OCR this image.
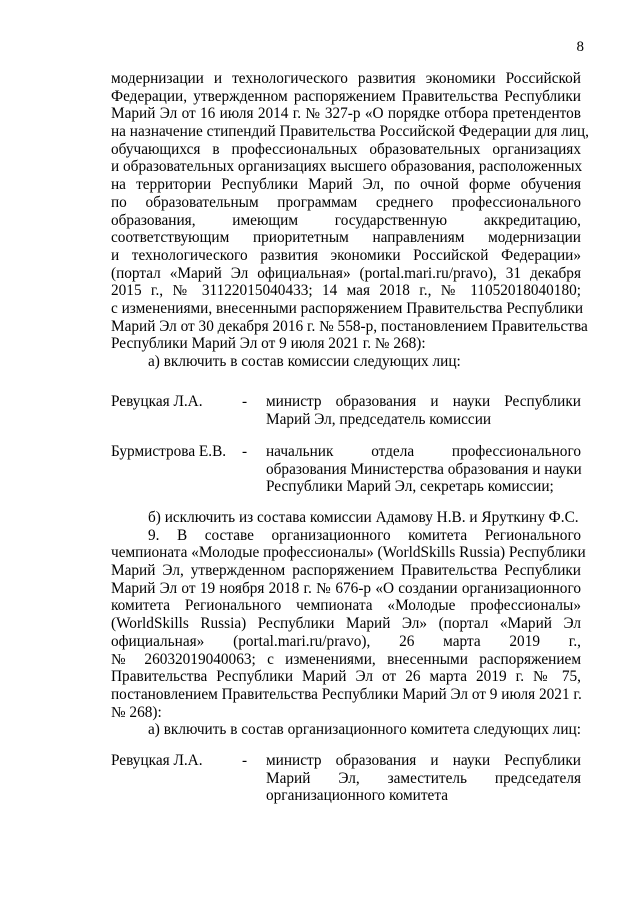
8
модернизации и технологического развития экономики Российской
Федерации, утвержденном распоряжением Правительства Республики
Марий Эл от 16 июля 2014 г. № 327-р «О порядке отбора претендентов
на назначение стипендий Правительства Российской Федерации для лиц,
обучающихся в профессиональных образовательных организациях
и образовательных организациях высшего образования, расположенных
на территории Республики Марий Эл, по очной форме обучения
по образовательным программам среднего профессионального
образования, имеющим государственную аккредитацию,
соответствующим приоритетным направлениям модернизации
и технологического развития экономики Российской Федерации»
(портал «Марий Эл официальная» (portal.mari.ru/pravo), 31 декабря
2015 г., № 31122015040433; 14 мая 2018 г., № 11052018040180;
с изменениями, внесенными распоряжением Правительства Республики
Марий Эл от 30 декабря 2016 г. № 558-р, постановлением Правительства
Республики Марий Эл от 9 июля 2021 г. № 268):
а) включить в состав комиссии следующих лиц:
Ревуцкая Л.А.	- министр образования и науки Республики
Марий Эл, председатель комиссии
Бурмистрова Е.В. - начальник отдела профессионального
образования Министерства образования и науки
Республики Марий Эл, секретарь комиссии;
б) исключить из состава комиссии Адамову Н.В. и Яруткину Ф.С.
9. В составе организационного комитета Регионального
чемпионата «Молодые профессионалы» (WorldSkills Russia) Республики
Марий Эл, утвержденном распоряжением Правительства Республики
Марий Эл от 19 ноября 2018 г. № 676-р «О создании организационного
комитета Регионального чемпионата «Молодые профессионалы»
(WorldSkills Russia) Республики Марий Эл» (портал «Марий Эл
официальная» (portal.mari.ru/pravo), 26 марта 2019 г.,
№ 26032019040063; с изменениями, внесенными распоряжением
Правительства Республики Марий Эл от 26 марта 2019 г. № 75,
постановлением Правительства Республики Марий Эл от 9 июля 2021 г.
№ 268):
а) включить в состав организационного комитета следующих лиц:
Ревуцкая Л.А.	- министр образования и науки Республики
Марий Эл, заместитель председателя
организационного комитета
